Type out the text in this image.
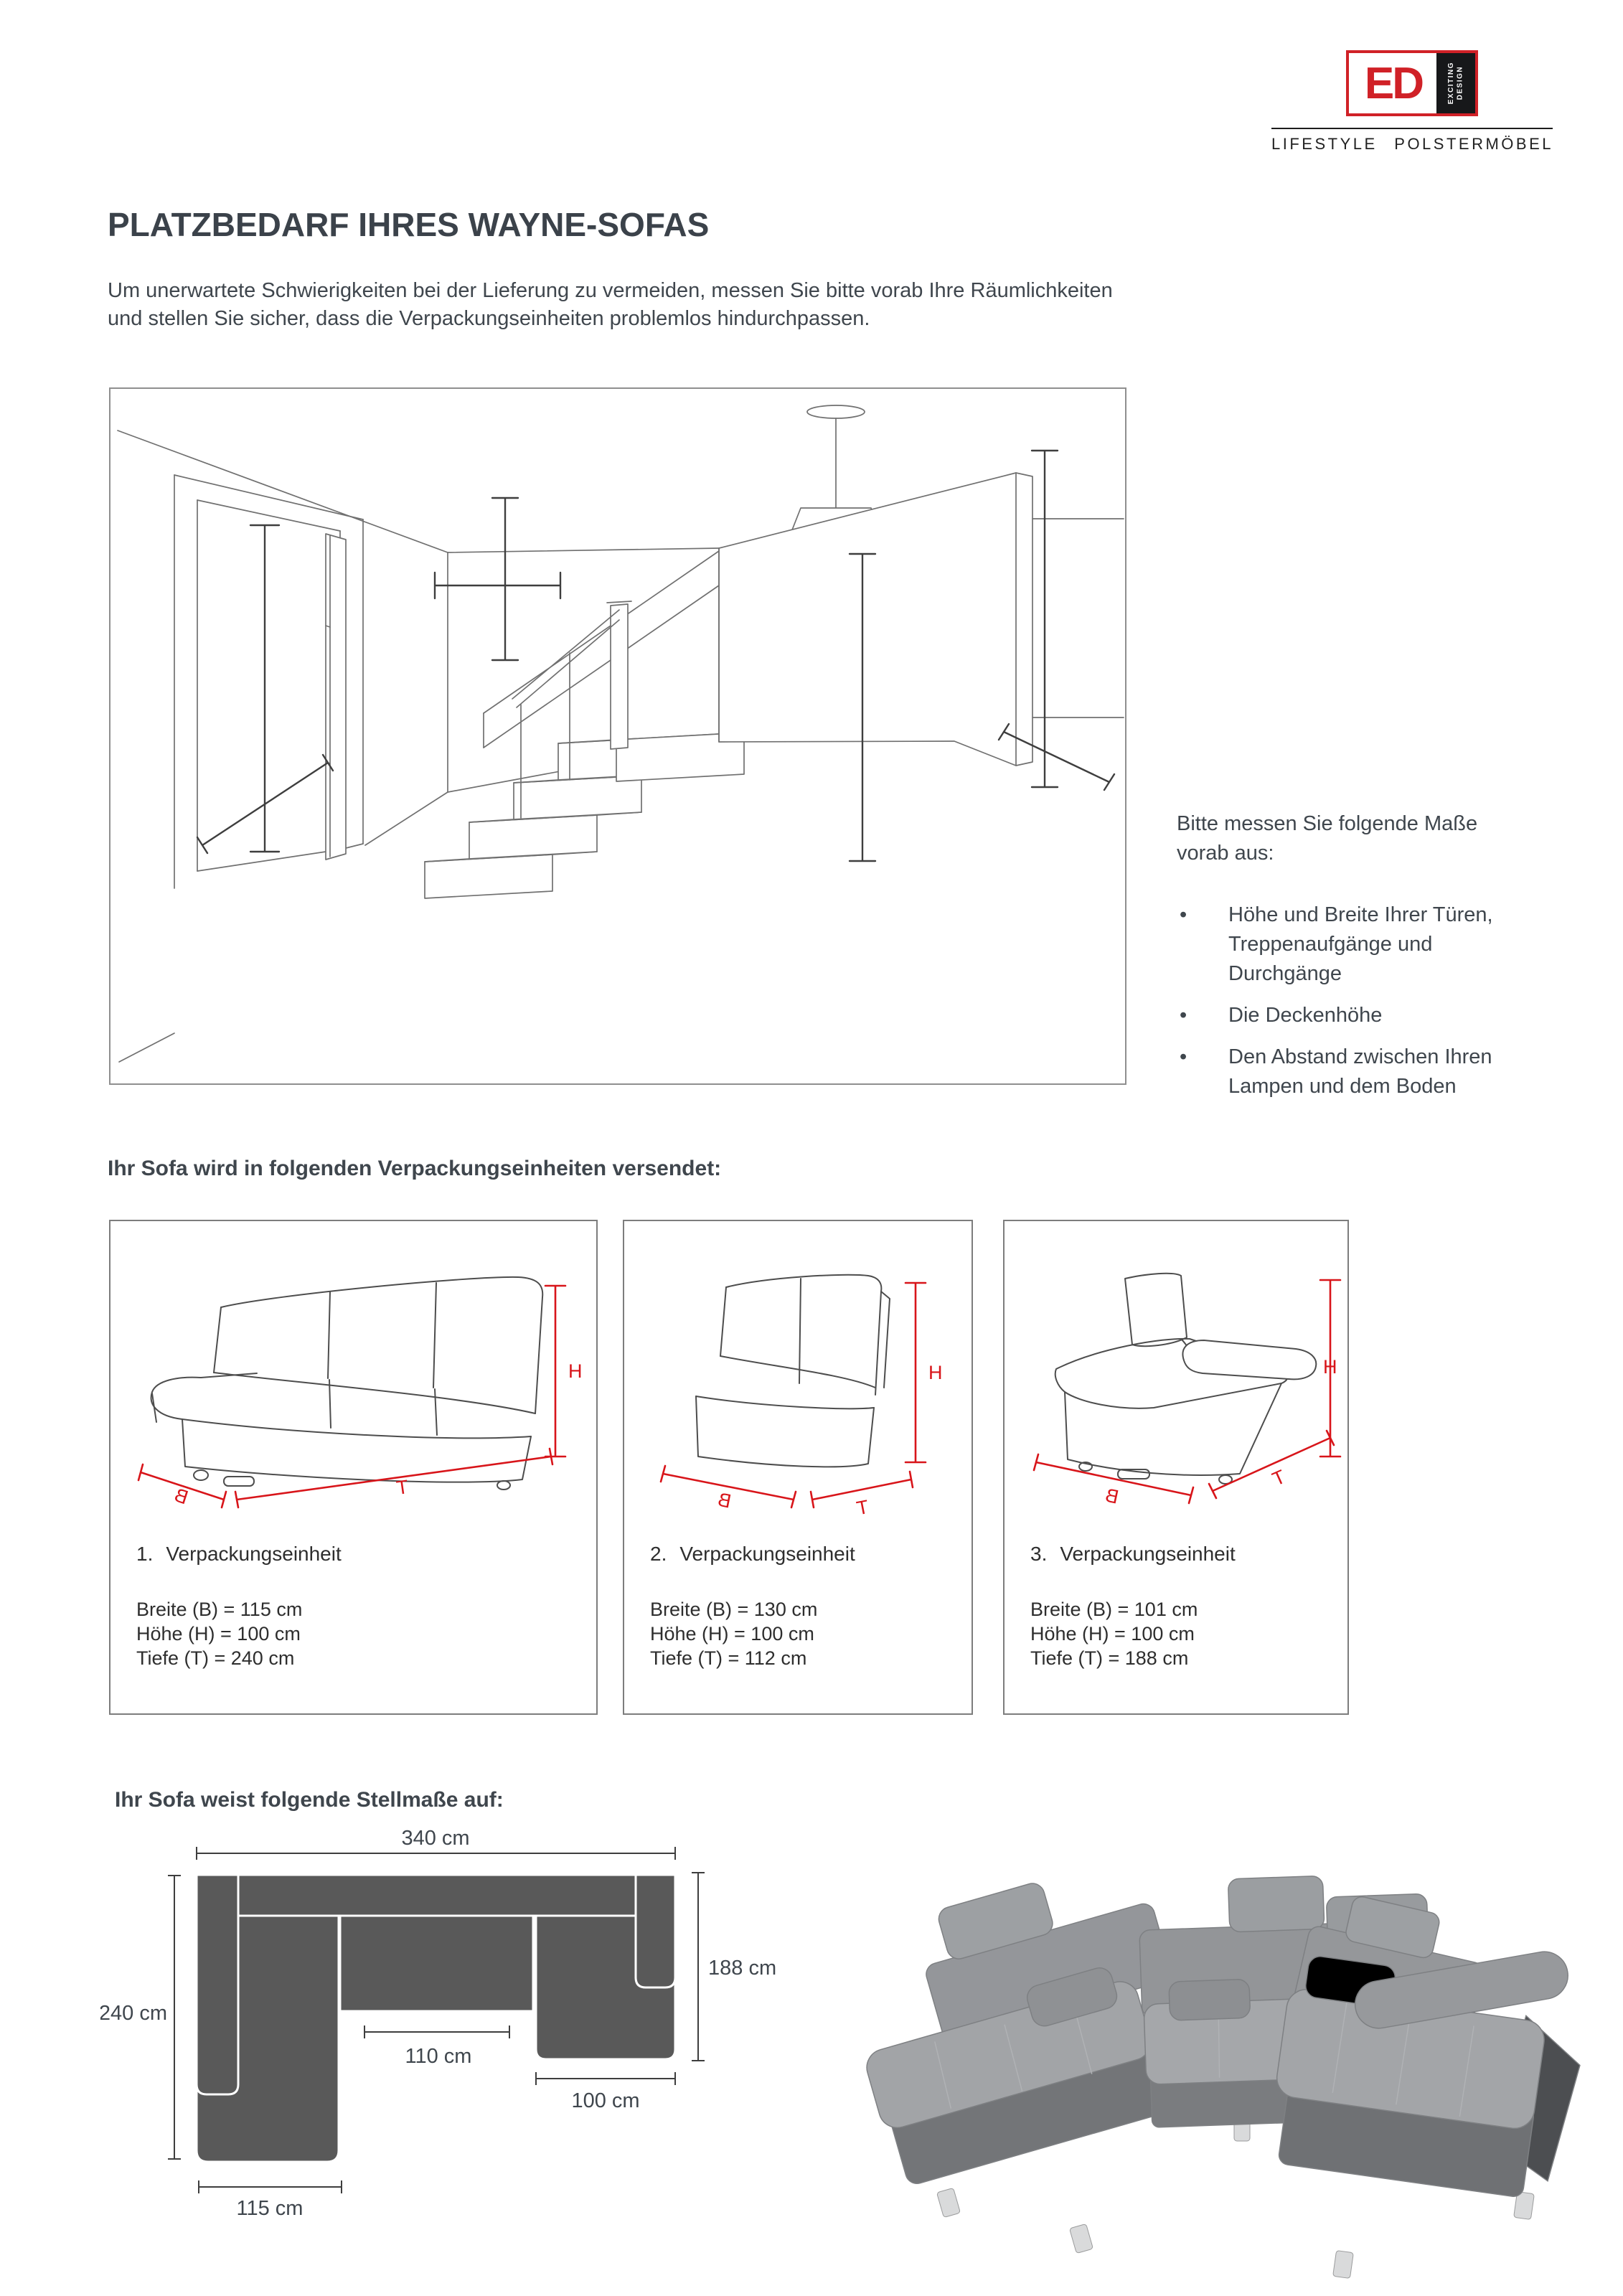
ED	EXCITING DESIGN
LIFESTYLE POLSTERMÖBEL
PLATZBEDARF IHRES WAYNE-SOFAS
Um unerwartete Schwierigkeiten bei der Lieferung zu vermeiden, messen Sie bitte vorab Ihre Räumlichkeiten
und stellen Sie sicher, dass die Verpackungseinheiten problemlos hindurchpassen.
Bitte messen Sie folgende Maße vorab aus:
• Höhe und Breite Ihrer Türen, Treppenaufgänge und Durchgänge
• Die Deckenhöhe
• Den Abstand zwischen Ihren Lampen und dem Boden
Ihr Sofa wird in folgenden Verpackungseinheiten versendet:
H
T
B
1. Verpackungseinheit
Breite (B) = 115 cm
Höhe (H) = 100 cm
Tiefe (T) = 240 cm
H
B	T
2. Verpackungseinheit
Breite (B) = 130 cm
Höhe (H) = 100 cm
Tiefe (T) = 112 cm
H
B
T
3. Verpackungseinheit
Breite (B) = 101 cm
Höhe (H) = 100 cm
Tiefe (T) = 188 cm
Ihr Sofa weist folgende Stellmaße auf:
340 cm
240 cm
188 cm
110 cm
100 cm
115 cm
